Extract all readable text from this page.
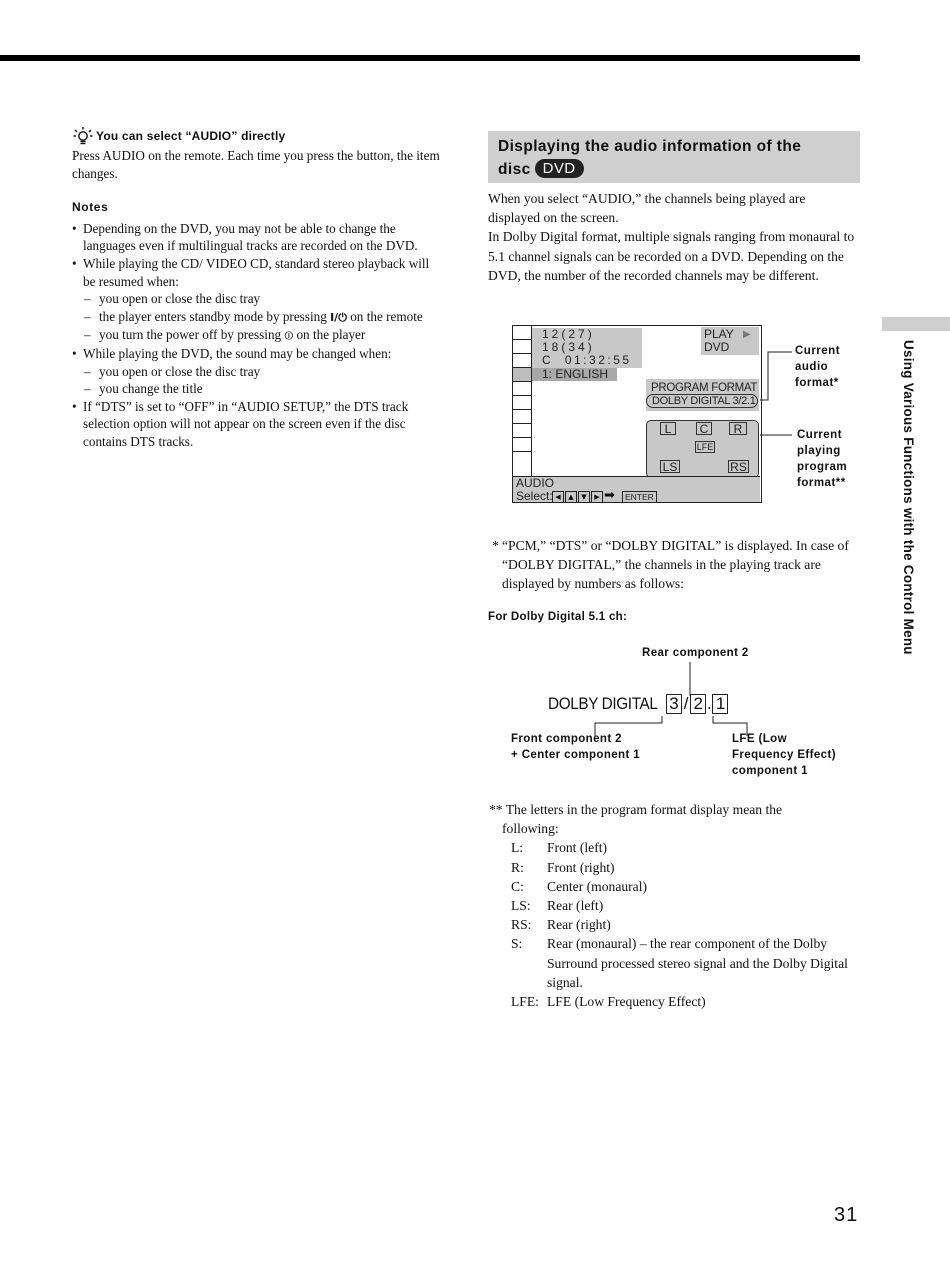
You can select “AUDIO” directly
Press AUDIO on the remote. Each time you press the button, the item changes.
Notes
• Depending on the DVD, you may not be able to change the languages even if multilingual tracks are recorded on the DVD.
• While playing the CD/ VIDEO CD, standard stereo playback will be resumed when:
– you open or close the disc tray
– the player enters standby mode by pressing I/⏻ on the remote
– you turn the power off by pressing ⏼ on the player
• While playing the DVD, the sound may be changed when:
– you open or close the disc tray
– you change the title
• If “DTS” is set to “OFF” in “AUDIO SETUP,” the DTS track selection option will not appear on the screen even if the disc contains DTS tracks.
Displaying the audio information of the
disc DVD
When you select “AUDIO,” the channels being played are displayed on the screen.
In Dolby Digital format, multiple signals ranging from monaural to 5.1 channel signals can be recorded on a DVD. Depending on the DVD, the number of the recorded channels may be different.
12(27)
18(34)
C  01:32:55
1: ENGLISH
PLAY ▶
DVD
PROGRAM FORMAT
DOLBY DIGITAL 3/2.1
L	C	R
LFE
LS	RS
AUDIO
Select: ◀	▲	▼	▶ ➡	ENTER
Current
audio
format*
Current
playing
program
format**
* “PCM,” “DTS” or “DOLBY DIGITAL” is displayed. In case of “DOLBY DIGITAL,” the channels in the playing track are displayed by numbers as follows:
For Dolby Digital 5.1 ch:
Rear component 2
DOLBY DIGITAL 3 / 2 . 1
Front component 2
+ Center component 1
LFE (Low
Frequency Effect)
component 1
** The letters in the program format display mean the
following:
L:	Front (left)
R:	Front (right)
C:	Center (monaural)
LS:	Rear (left)
RS:	Rear (right)
S:	Rear (monaural) – the rear component of the Dolby Surround processed stereo signal and the Dolby Digital signal.
LFE:	LFE (Low Frequency Effect)
Using Various Functions with the Control Menu
31
